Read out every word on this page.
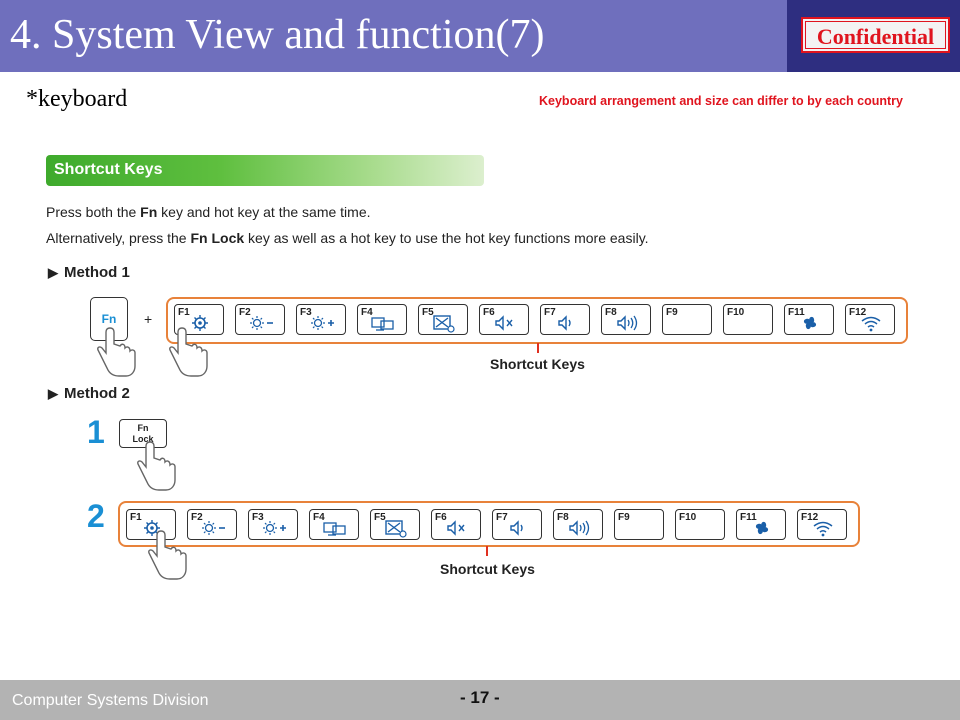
4. System View and function(7)	Confidential
*keyboard	Keyboard arrangement and size can differ to by each country
Shortcut Keys
Press both the Fn key and hot key at the same time.
Alternatively, press the Fn Lock key as well as a hot key to use the hot key functions more easily.
▶ Method 1
Fn	+	F1	F2	F3	F4	F5	F6	F7	F8	F9	F10	F11	F12
Shortcut Keys
▶ Method 2
1	Fn
Lock
2	F1	F2	F3	F4	F5	F6	F7	F8	F9	F10	F11	F12
Shortcut Keys
Computer Systems Division	- 17 -
